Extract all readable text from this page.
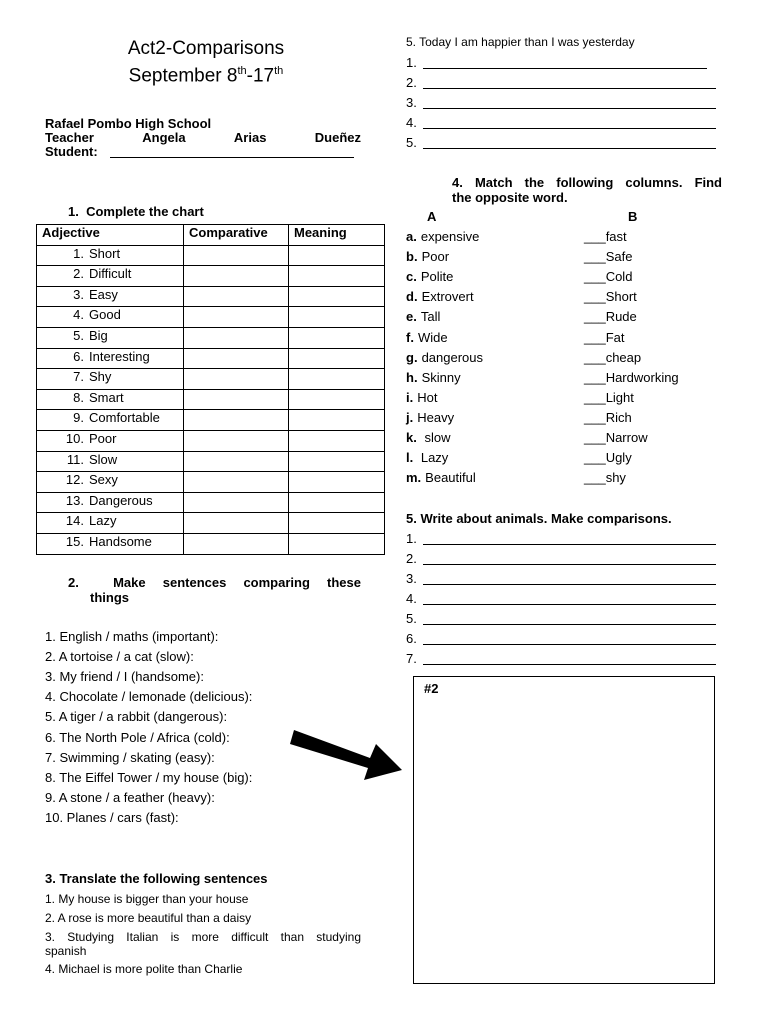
Act2-Comparisons
September 8th-17th
Rafael Pombo High School
Teacher	Angela	Arias	Dueñez
Student:
1. Complete the chart
Adjective	Comparative	Meaning
1. Short		
2. Difficult		
3. Easy		
4. Good		
5. Big		
6. Interesting		
7. Shy		
8. Smart		
9. Comfortable		
10. Poor		
11. Slow		
12. Sexy		
13. Dangerous		
14. Lazy		
15. Handsome		
2.	Make sentences comparing these
things
1. English / maths (important):
2. A tortoise / a cat (slow):
3. My friend / I (handsome):
4. Chocolate / lemonade (delicious):
5. A tiger / a rabbit (dangerous):
6. The North Pole / Africa (cold):
7. Swimming / skating (easy):
8. The Eiffel Tower / my house (big):
9. A stone / a feather (heavy):
10. Planes / cars (fast):
3. Translate the following sentences
1. My house is bigger than your house
2. A rose is more beautiful than a daisy
3. Studying Italian is more difficult than studying
spanish
4. Michael is more polite than Charlie
5. Today I am happier than I was yesterday
1.
2.
3.
4.
5.
4. Match the following columns. Find
the opposite word.
A	B
a. expensive	___fast
b. Poor	___Safe
c. Polite	___Cold
d. Extrovert	___Short
e. Tall	___Rude
f. Wide	___Fat
g. dangerous	___cheap
h. Skinny	___Hardworking
i. Hot	___Light
j. Heavy	___Rich
k. slow	___Narrow
l. Lazy	___Ugly
m. Beautiful	___shy
5. Write about animals. Make comparisons.
1.
2.
3.
4.
5.
6.
7.
#2
